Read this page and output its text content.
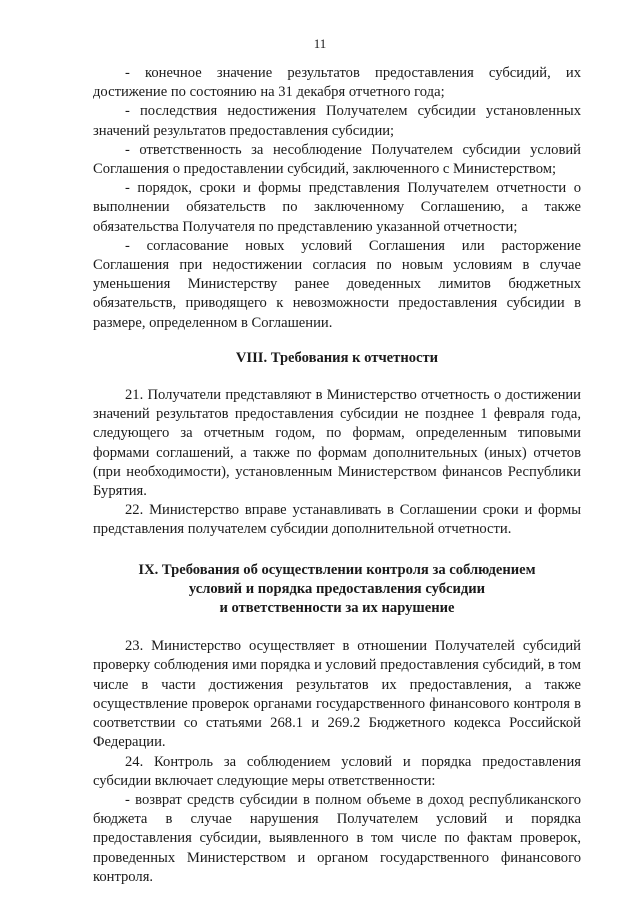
11

- конечное значение результатов предоставления субсидий, их достижение по состоянию на 31 декабря отчетного года;

- последствия недостижения Получателем субсидии установленных значений результатов предоставления субсидии;

- ответственность за несоблюдение Получателем субсидии условий Соглашения о предоставлении субсидий, заключенного с Министерством;

- порядок, сроки и формы представления Получателем отчетности о выполнении обязательств по заключенному Соглашению, а также обязательства Получателя по представлению указанной отчетности;

- согласование новых условий Соглашения или расторжение Соглашения при недостижении согласия по новым условиям в случае уменьшения Министерству ранее доведенных лимитов бюджетных обязательств, приводящего к невозможности предоставления субсидии в размере, определенном в Соглашении.

VIII. Требования к отчетности

21. Получатели представляют в Министерство отчетность о достижении значений результатов предоставления субсидии не позднее 1 февраля года, следующего за отчетным годом, по формам, определенным типовыми формами соглашений, а также по формам дополнительных (иных) отчетов (при необходимости), установленным Министерством финансов Республики Бурятия.

22. Министерство вправе устанавливать в Соглашении сроки и формы представления получателем субсидии дополнительной отчетности.

IX. Требования об осуществлении контроля за соблюдением
условий и порядка предоставления субсидии
и ответственности за их нарушение

23. Министерство осуществляет в отношении Получателей субсидий проверку соблюдения ими порядка и условий предоставления субсидий, в том числе в части достижения результатов их предоставления, а также осуществление проверок органами государственного финансового контроля в соответствии со статьями 268.1 и 269.2 Бюджетного кодекса Российской Федерации.

24. Контроль за соблюдением условий и порядка предоставления субсидии включает следующие меры ответственности:

- возврат средств субсидии в полном объеме в доход республиканского бюджета в случае нарушения Получателем условий и порядка предоставления субсидии, выявленного в том числе по фактам проверок, проведенных Министерством и органом государственного финансового контроля.
